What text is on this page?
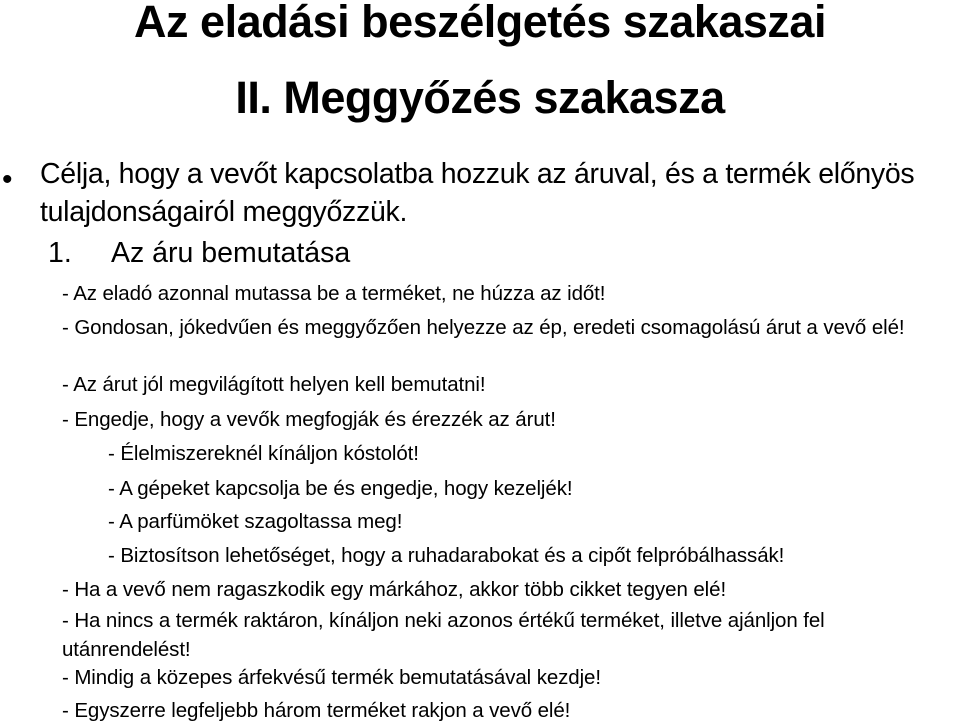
Az eladási beszélgetés szakaszai
II. Meggyőzés szakasza
• Célja, hogy a vevőt kapcsolatba hozzuk az áruval, és a termék előnyös tulajdonságairól meggyőzzük.
1. Az áru bemutatása
- Az eladó azonnal mutassa be a terméket, ne húzza az időt!
- Gondosan, jókedvűen és meggyőzően helyezze az ép, eredeti csomagolású árut a vevő elé!
- Az árut jól megvilágított helyen kell bemutatni!
- Engedje, hogy a vevők megfogják és érezzék az árut!
- Élelmiszereknél kínáljon kóstolót!
- A gépeket kapcsolja be és engedje, hogy kezeljék!
- A parfümöket szagoltassa meg!
- Biztosítson lehetőséget, hogy a ruhadarabokat és a cipőt felpróbálhassák!
- Ha a vevő nem ragaszkodik egy márkához, akkor több cikket tegyen elé!
- Ha nincs a termék raktáron, kínáljon neki azonos értékű terméket, illetve ajánljon fel utánrendelést!
- Mindig a közepes árfekvésű termék bemutatásával kezdje!
- Egyszerre legfeljebb három terméket rakjon a vevő elé!
